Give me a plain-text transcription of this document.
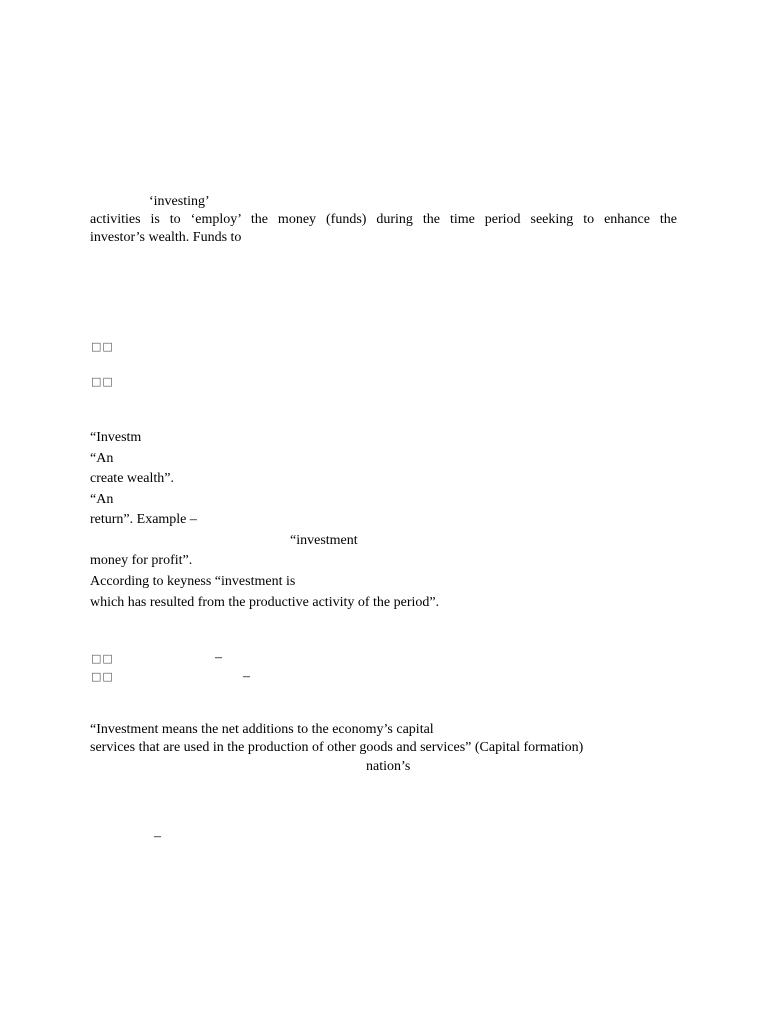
‘investing’
activities is to ‘employ’ the money (funds) during the time period seeking to enhance the
investor’s wealth. Funds to
□□
□□
“Investm
“An
create wealth”.
“An
return”. Example –
“investment
money for profit”.
According to keyness “investment is
which has resulted from the productive activity of the period”.
□□	–
□□	–
“Investment means the net additions to the economy’s capital
services that are used in the production of other goods and services” (Capital formation)
nation’s
–
